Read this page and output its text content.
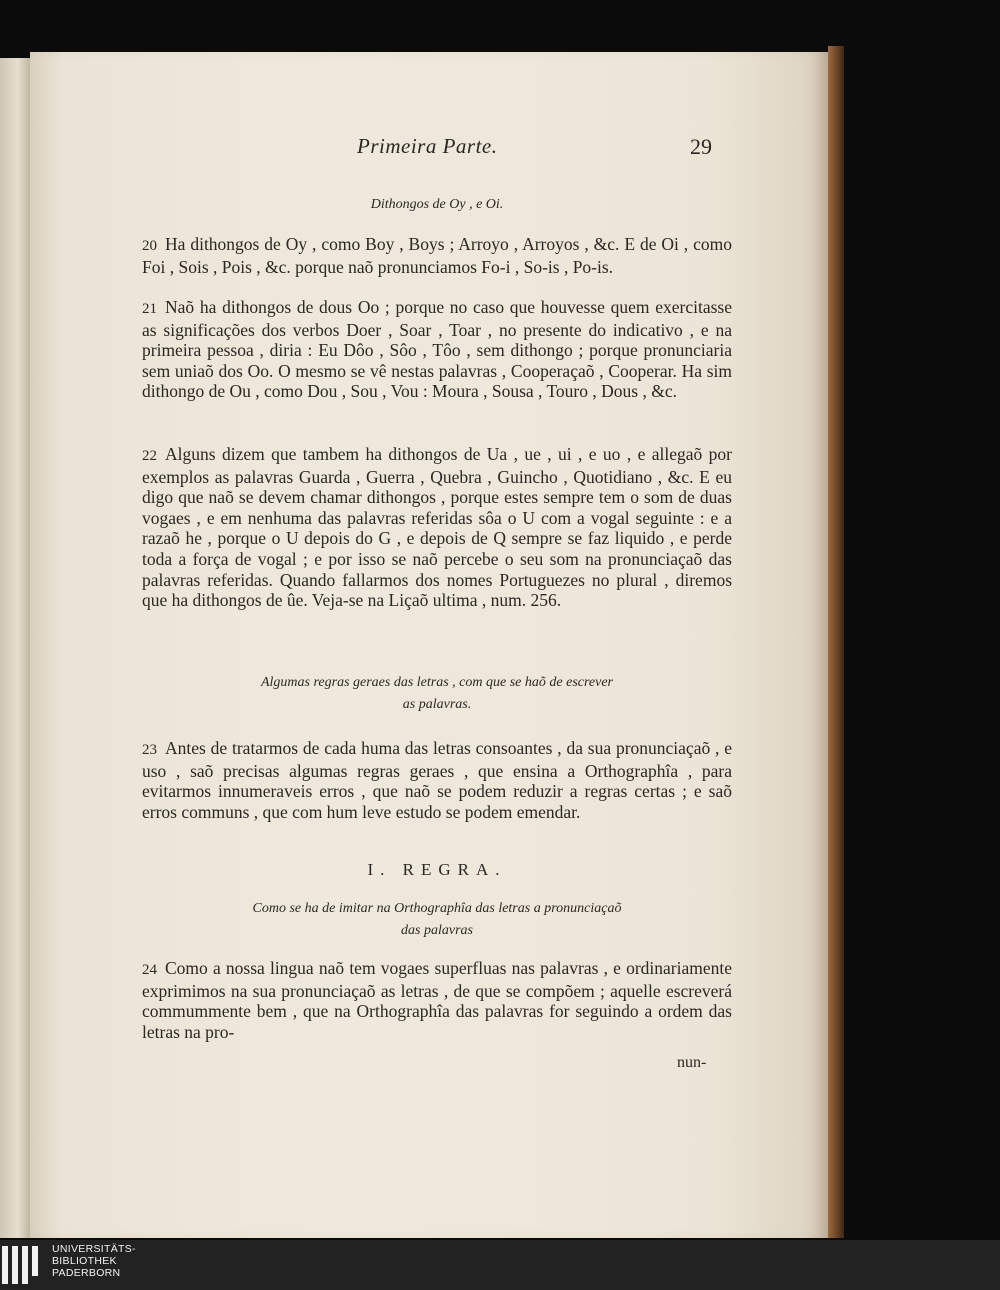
Primeira Parte.	29
Dithongos de Oy , e Oi.
20 Ha dithongos de Oy , como Boy , Boys ; Arroyo , Arroyos , &c. E de Oi , como Foi , Sois , Pois , &c. porque naõ pronunciamos Fo-i , So-is , Po-is.
21 Naõ ha dithongos de dous Oo ; porque no caso que houvesse quem exercitasse as significações dos verbos Doer , Soar , Toar , no presente do indicativo , e na primeira pessoa , diria : Eu Dôo , Sôo , Tôo , sem dithongo ; porque pronunciaria sem uniaõ dos Oo. O mesmo se vê nestas palavras , Cooperaçaõ , Cooperar. Ha sim dithongo de Ou , como Dou , Sou , Vou : Moura , Sousa , Touro , Dous , &c.
22 Alguns dizem que tambem ha dithongos de Ua , ue , ui , e uo , e allegaõ por exemplos as palavras Guarda , Guerra , Quebra , Guincho , Quotidiano , &c. E eu digo que naõ se devem chamar dithongos , porque estes sempre tem o som de duas vogaes , e em nenhuma das palavras referidas sôa o U com a vogal seguinte : e a razaõ he , porque o U depois do G , e depois de Q sempre se faz liquido , e perde toda a força de vogal ; e por isso se naõ percebe o seu som na pronunciaçaõ das palavras referidas. Quando fallarmos dos nomes Portuguezes no plural , diremos que ha dithongos de ûe. Veja-se na Liçaõ ultima , num. 256.
Algumas regras geraes das letras , com que se haõ de escrever
as palavras.
23 Antes de tratarmos de cada huma das letras consoantes , da sua pronunciaçaõ , e uso , saõ precisas algumas regras geraes , que ensina a Orthographîa , para evitarmos innumeraveis erros , que naõ se podem reduzir a regras certas ; e saõ erros communs , que com hum leve estudo se podem emendar.
I. REGRA.
Como se ha de imitar na Orthographîa das letras a pronunciaçaõ
das palavras
24 Como a nossa lingua naõ tem vogaes superfluas nas palavras , e ordinariamente exprimimos na sua pronunciaçaõ as letras , de que se compõem ; aquelle escreverá commummente bem , que na Orthographîa das palavras for seguindo a ordem das letras na pro-
nun-
UNIVERSITÄTS-
BIBLIOTHEK
PADERBORN
